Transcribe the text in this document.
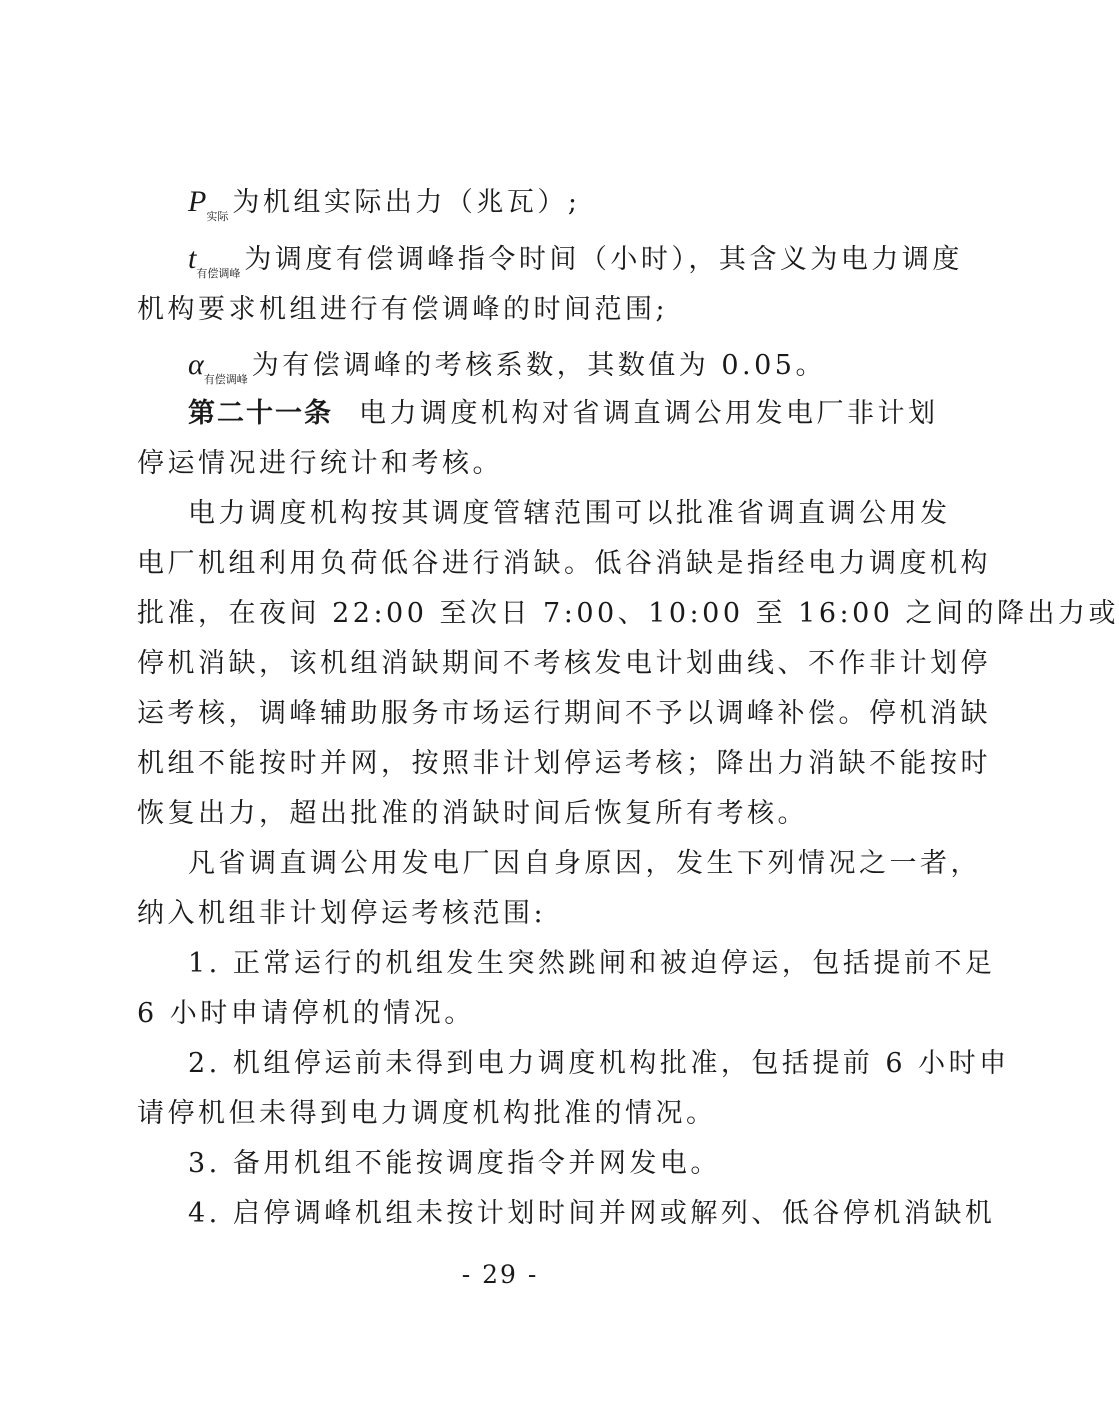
$P_{实际}$ 为机组实际出力（兆瓦）;
$t_{有偿调峰}$ 为调度有偿调峰指令时间（小时），其含义为电力调度
机构要求机组进行有偿调峰的时间范围;
$\alpha_{有偿调峰}$ 为有偿调峰的考核系数，其数值为 0.05。
第二十一条 电力调度机构对省调直调公用发电厂非计划
停运情况进行统计和考核。
电力调度机构按其调度管辖范围可以批准省调直调公用发
电厂机组利用负荷低谷进行消缺。低谷消缺是指经电力调度机构
批准，在夜间 22:00 至次日 7:00、10:00 至 16:00 之间的降出力或
停机消缺，该机组消缺期间不考核发电计划曲线、不作非计划停
运考核，调峰辅助服务市场运行期间不予以调峰补偿。停机消缺
机组不能按时并网，按照非计划停运考核；降出力消缺不能按时
恢复出力，超出批准的消缺时间后恢复所有考核。
凡省调直调公用发电厂因自身原因，发生下列情况之一者，
纳入机组非计划停运考核范围:
1. 正常运行的机组发生突然跳闸和被迫停运，包括提前不足
6 小时申请停机的情况。
2. 机组停运前未得到电力调度机构批准，包括提前 6 小时申
请停机但未得到电力调度机构批准的情况。
3. 备用机组不能按调度指令并网发电。
4. 启停调峰机组未按计划时间并网或解列、低谷停机消缺机
- 29 -
